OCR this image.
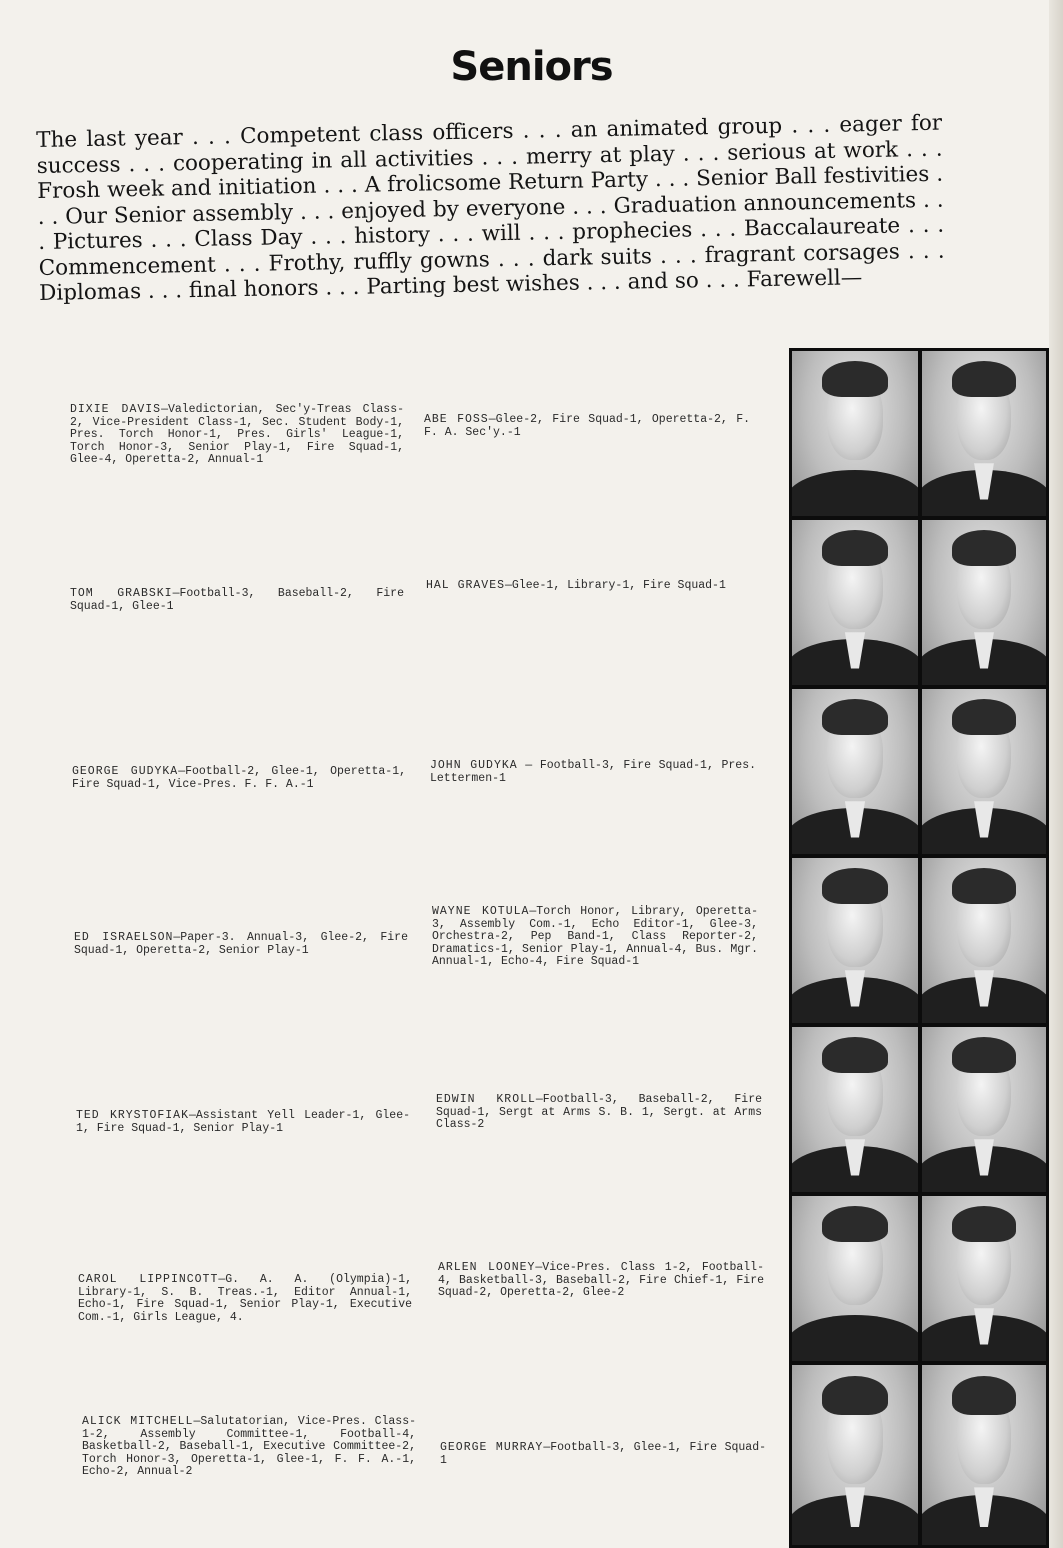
Seniors
The last year . . . Competent class officers . . . an animated group . . . eager for success . . . cooperating in all activities . . . merry at play . . . serious at work . . . Frosh week and initiation . . . A frolicsome Return Party . . . Senior Ball festivities . . . Our Senior assembly . . . enjoyed by everyone . . . Graduation announcements . . . Pictures . . . Class Day . . . history . . . will . . . prophecies . . . Baccalaureate . . . Commencement . . . Frothy, ruffly gowns . . . dark suits . . . fragrant corsages . . . Diplomas . . . final honors . . . Parting best wishes . . . and so . . . Farewell—
DIXIE DAVIS—Valedictorian, Sec'y-Treas Class-2, Vice-President Class-1, Sec. Student Body-1, Pres. Torch Honor-1, Pres. Girls' League-1, Torch Honor-3, Senior Play-1, Fire Squad-1, Glee-4, Operetta-2, Annual-1
TOM GRABSKI—Football-3, Baseball-2, Fire Squad-1, Glee-1
GEORGE GUDYKA—Football-2, Glee-1, Operetta-1, Fire Squad-1, Vice-Pres. F. F. A.-1
ED ISRAELSON—Paper-3. Annual-3, Glee-2, Fire Squad-1, Operetta-2, Senior Play-1
TED KRYSTOFIAK—Assistant Yell Leader-1, Glee-1, Fire Squad-1, Senior Play-1
CAROL LIPPINCOTT—G. A. A. (Olympia)-1, Library-1, S. B. Treas.-1, Editor Annual-1, Echo-1, Fire Squad-1, Senior Play-1, Executive Com.-1, Girls League, 4.
ALICK MITCHELL—Salutatorian, Vice-Pres. Class-1-2, Assembly Committee-1, Football-4, Basketball-2, Baseball-1, Executive Committee-2, Torch Honor-3, Operetta-1, Glee-1, F. F. A.-1, Echo-2, Annual-2
ABE FOSS—Glee-2, Fire Squad-1, Operetta-2, F. F. A. Sec'y.-1
HAL GRAVES—Glee-1, Library-1, Fire Squad-1
JOHN GUDYKA — Football-3, Fire Squad-1, Pres. Lettermen-1
WAYNE KOTULA—Torch Honor, Library, Operetta-3, Assembly Com.-1, Echo Editor-1, Glee-3, Orchestra-2, Pep Band-1, Class Reporter-2, Dramatics-1, Senior Play-1, Annual-4, Bus. Mgr. Annual-1, Echo-4, Fire Squad-1
EDWIN KROLL—Football-3, Baseball-2, Fire Squad-1, Sergt at Arms S. B. 1, Sergt. at Arms Class-2
ARLEN LOONEY—Vice-Pres. Class 1-2, Football-4, Basketball-3, Baseball-2, Fire Chief-1, Fire Squad-2, Operetta-2, Glee-2
GEORGE MURRAY—Football-3, Glee-1, Fire Squad-1
